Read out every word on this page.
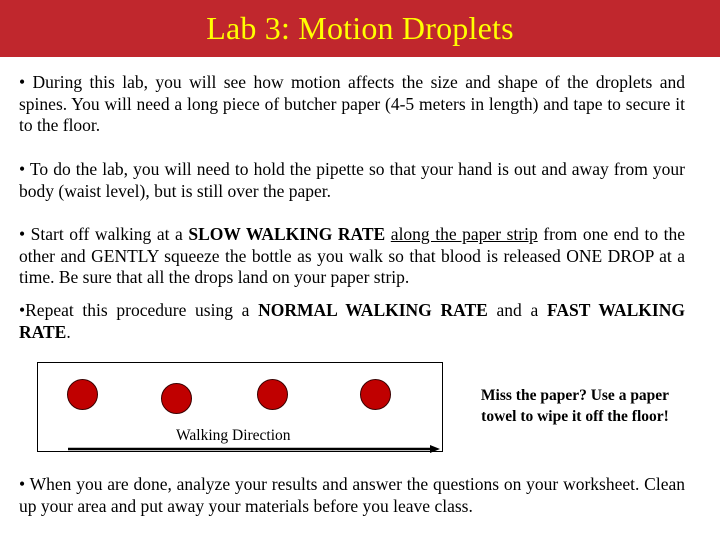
Lab 3: Motion Droplets

• During this lab, you will see how motion affects the size and shape of the droplets and spines. You will need a long piece of butcher paper (4-5 meters in length) and tape to secure it to the floor.

• To do the lab, you will need to hold the pipette so that your hand is out and away from your body (waist level), but is still over the paper.

• Start off walking at a SLOW WALKING RATE along the paper strip from one end to the other and GENTLY squeeze the bottle as you walk so that blood is released ONE DROP at a time. Be sure that all the drops land on your paper strip.

•Repeat this procedure using a NORMAL WALKING RATE and a FAST WALKING RATE.

Walking Direction
Miss the paper? Use a paper
towel to wipe it off the floor!

• When you are done, analyze your results and answer the questions on your worksheet. Clean up your area and put away your materials before you leave class.
